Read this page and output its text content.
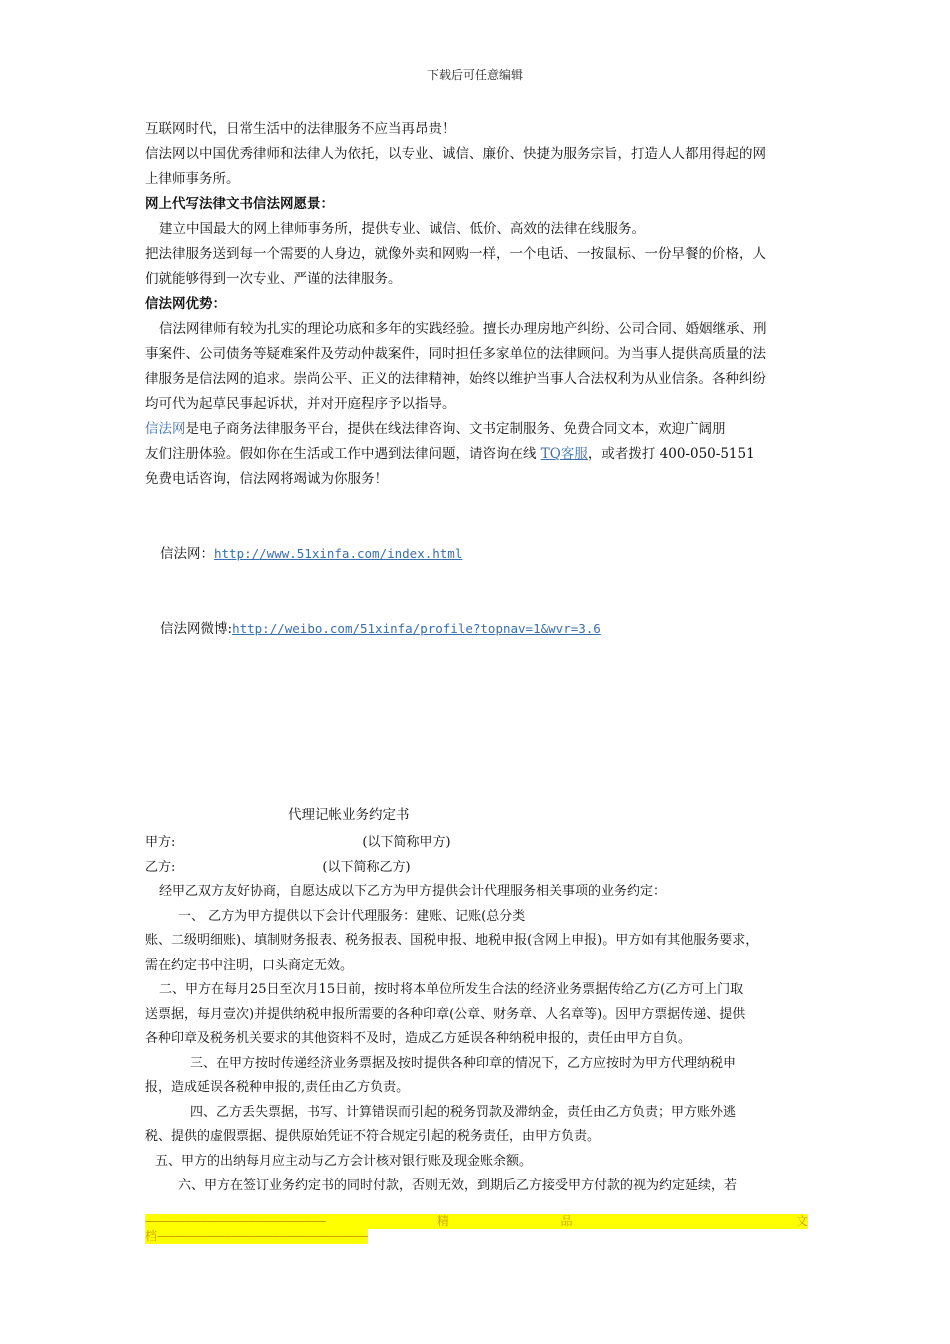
下载后可任意编辑
互联网时代，日常生活中的法律服务不应当再昂贵！
信法网以中国优秀律师和法律人为依托，以专业、诚信、廉价、快捷为服务宗旨，打造人人都用得起的网
上律师事务所。
网上代写法律文书信法网愿景：
建立中国最大的网上律师事务所，提供专业、诚信、低价、高效的法律在线服务。
把法律服务送到每一个需要的人身边，就像外卖和网购一样，一个电话、一按鼠标、一份早餐的价格，人
们就能够得到一次专业、严谨的法律服务。
信法网优势：
信法网律师有较为扎实的理论功底和多年的实践经验。擅长办理房地产纠纷、公司合同、婚姻继承、刑
事案件、公司债务等疑难案件及劳动仲裁案件，同时担任多家单位的法律顾问。为当事人提供高质量的法
律服务是信法网的追求。崇尚公平、正义的法律精神，始终以维护当事人合法权利为从业信条。各种纠纷
均可代为起草民事起诉状，并对开庭程序予以指导。
信法网是电子商务法律服务平台，提供在线法律咨询、文书定制服务、免费合同文本，欢迎广阔朋
友们注册体验。假如你在生活或工作中遇到法律问题，请咨询在线 TQ客服，或者拨打 400-050-5151
免费电话咨询，信法网将竭诚为你服务！
信法网：http://www.51xinfa.com/index.html
信法网微博:http://weibo.com/51xinfa/profile?topnav=1&wvr=3.6
代理记帐业务约定书
甲方:	(以下简称甲方)
乙方:	(以下简称乙方)
经甲乙双方友好协商，自愿达成以下乙方为甲方提供会计代理服务相关事项的业务约定：
一、 乙方为甲方提供以下会计代理服务：建账、记账(总分类
账、二级明细账)、填制财务报表、税务报表、国税申报、地税申报(含网上申报)。甲方如有其他服务要求，
需在约定书中注明，口头商定无效。
二、甲方在每月25日至次月15日前，按时将本单位所发生合法的经济业务票据传给乙方(乙方可上门取
送票据，每月壹次)并提供纳税申报所需要的各种印章(公章、财务章、人名章等)。因甲方票据传递、提供
各种印章及税务机关要求的其他资料不及时，造成乙方延误各种纳税申报的，责任由甲方自负。
三、在甲方按时传递经济业务票据及按时提供各种印章的情况下，乙方应按时为甲方代理纳税申
报，造成延误各税种申报的,责任由乙方负责。
四、乙方丢失票据，书写、计算错误而引起的税务罚款及滞纳金，责任由乙方负责；甲方账外逃
税、提供的虚假票据、提供原始凭证不符合规定引起的税务责任，由甲方负责。
五、甲方的出纳每月应主动与乙方会计核对银行账及现金账余额。
六、甲方在签订业务约定书的同时付款，否则无效，到期后乙方接受甲方付款的视为约定延续，若
-----------------------------------------------------------	精	品	文
档---------------------------------------------------------------------
